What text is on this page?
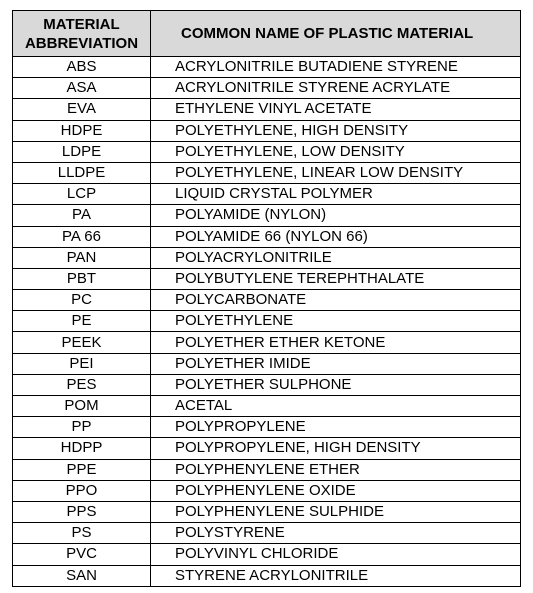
MATERIAL ABBREVIATION	COMMON NAME OF PLASTIC MATERIAL
ABS	ACRYLONITRILE BUTADIENE STYRENE
ASA	ACRYLONITRILE STYRENE ACRYLATE
EVA	ETHYLENE VINYL ACETATE
HDPE	POLYETHYLENE, HIGH DENSITY
LDPE	POLYETHYLENE, LOW DENSITY
LLDPE	POLYETHYLENE, LINEAR LOW DENSITY
LCP	LIQUID CRYSTAL POLYMER
PA	POLYAMIDE (NYLON)
PA 66	POLYAMIDE 66 (NYLON 66)
PAN	POLYACRYLONITRILE
PBT	POLYBUTYLENE TEREPHTHALATE
PC	POLYCARBONATE
PE	POLYETHYLENE
PEEK	POLYETHER ETHER KETONE
PEI	POLYETHER IMIDE
PES	POLYETHER SULPHONE
POM	ACETAL
PP	POLYPROPYLENE
HDPP	POLYPROPYLENE, HIGH DENSITY
PPE	POLYPHENYLENE ETHER
PPO	POLYPHENYLENE OXIDE
PPS	POLYPHENYLENE SULPHIDE
PS	POLYSTYRENE
PVC	POLYVINYL CHLORIDE
SAN	STYRENE ACRYLONITRILE
